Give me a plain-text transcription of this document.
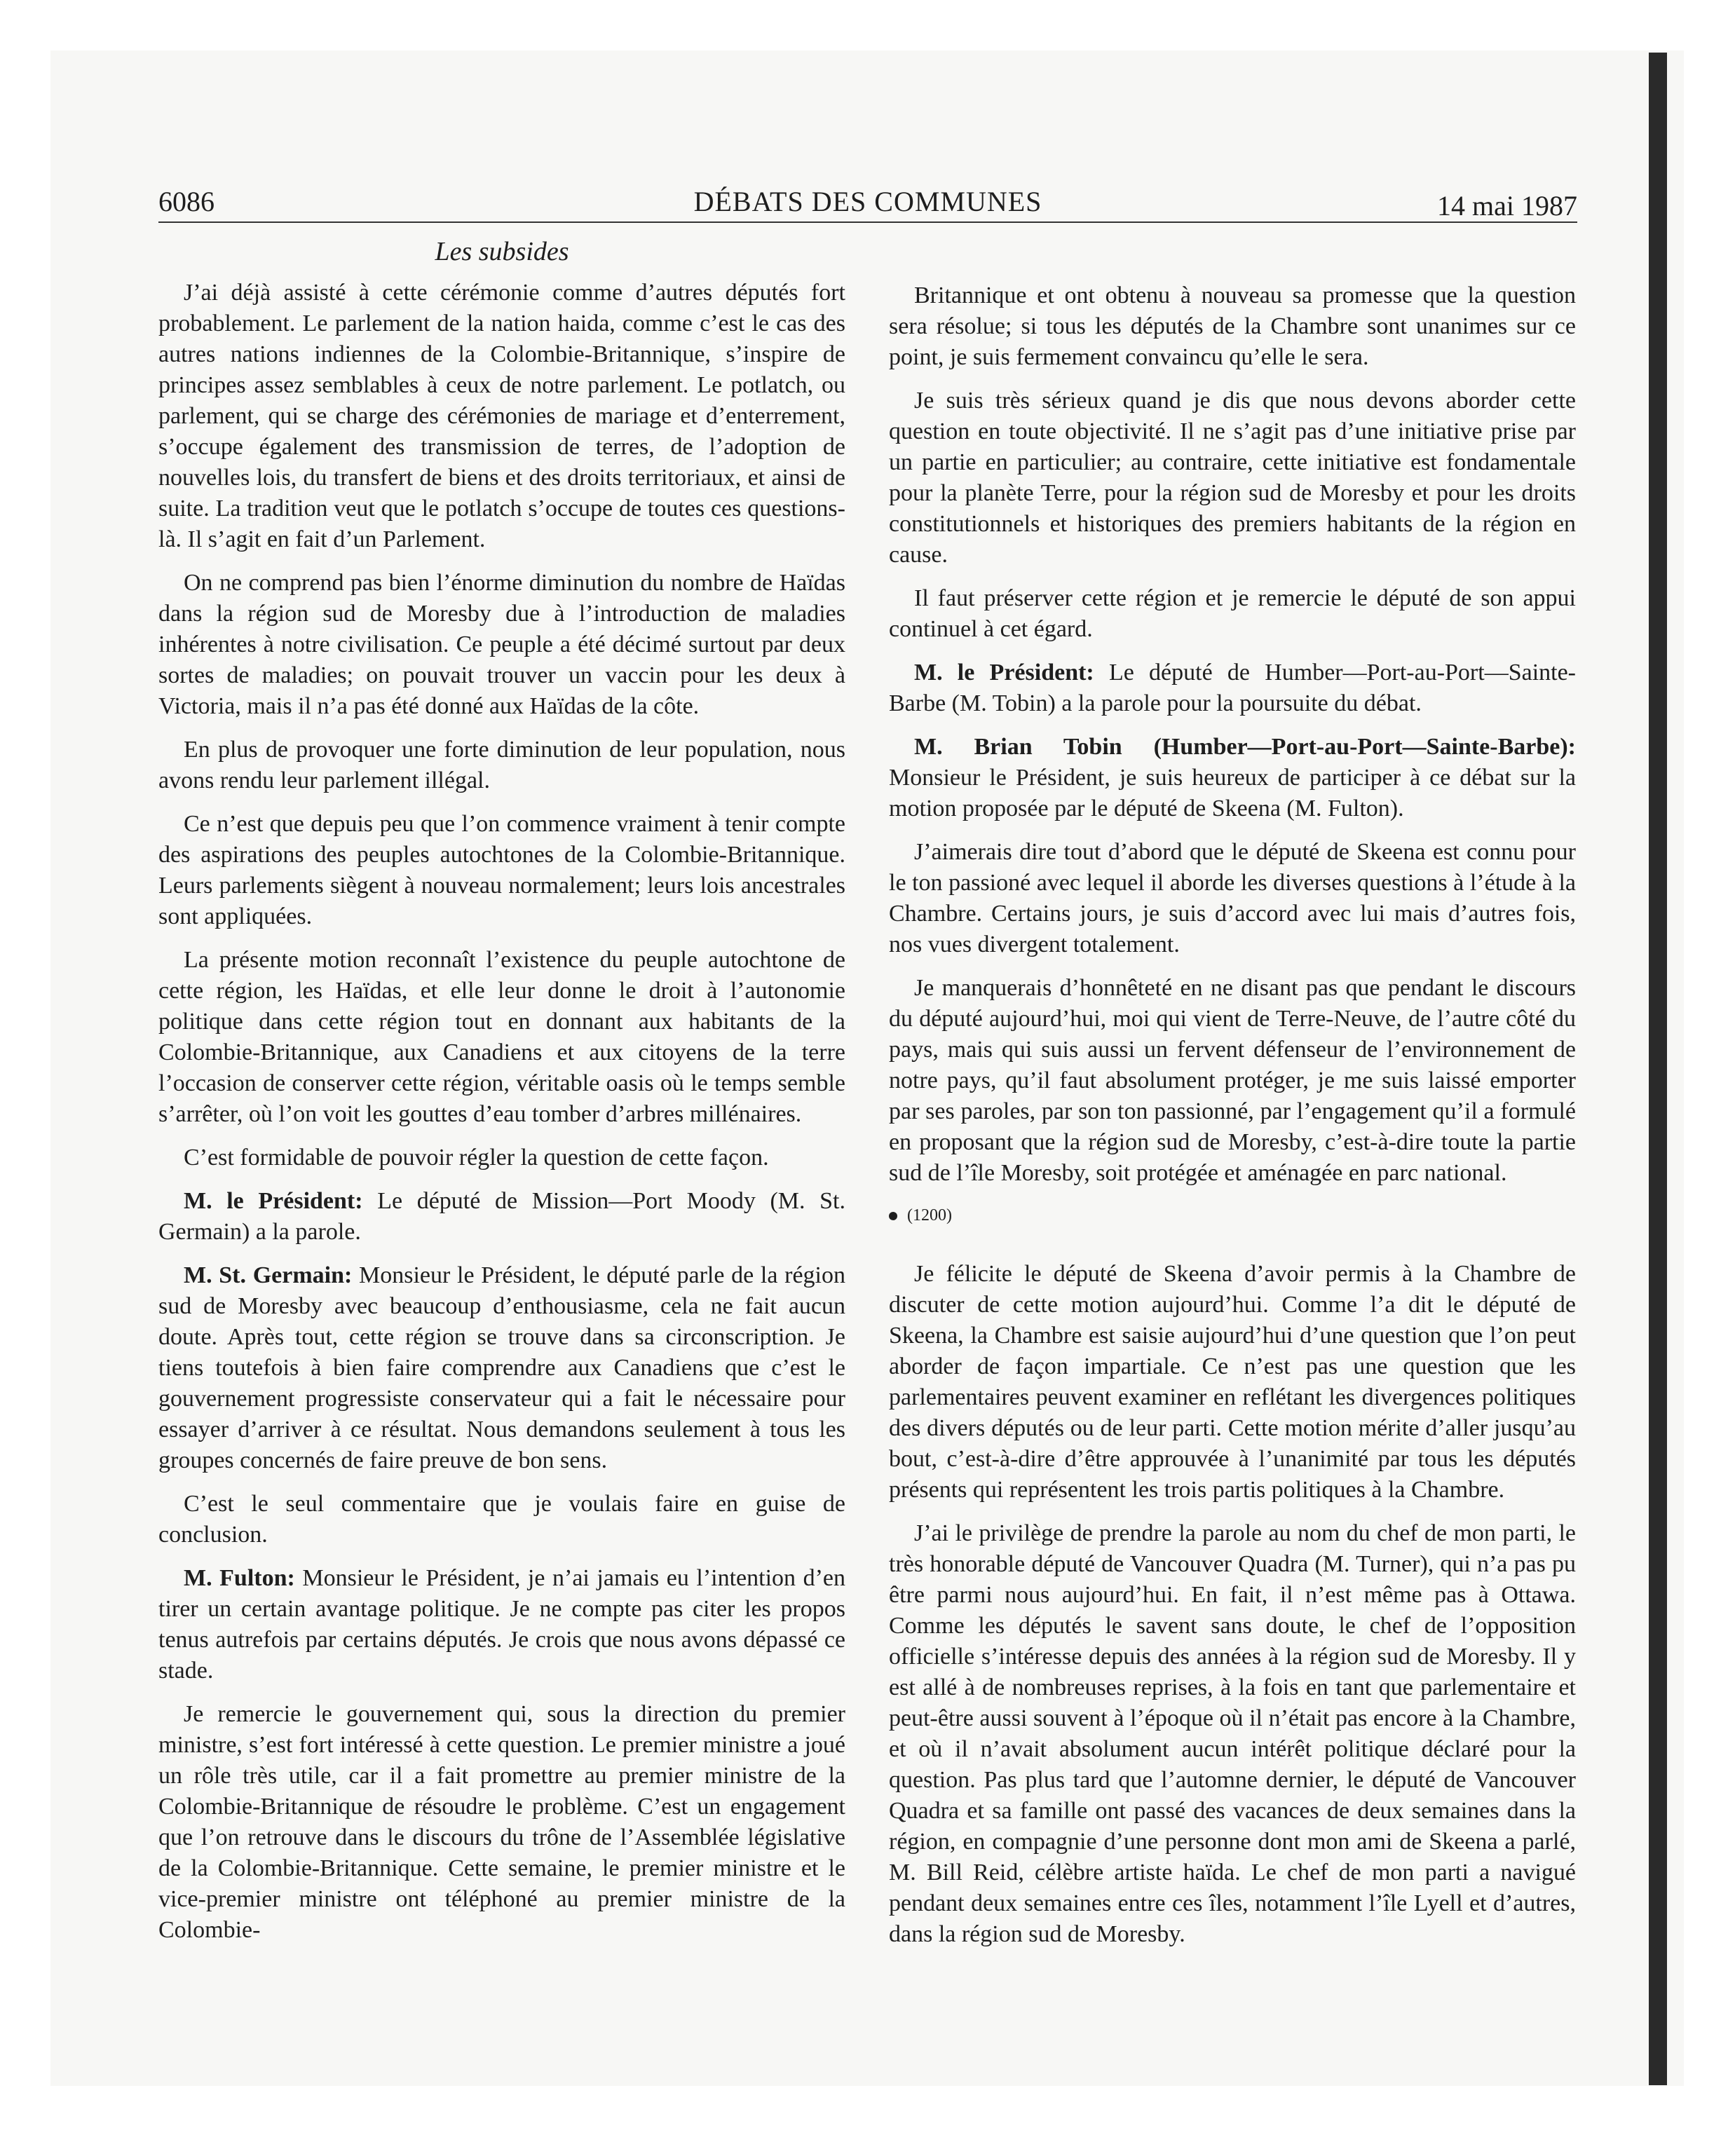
6086	DÉBATS DES COMMUNES	14 mai 1987
Les subsides

J’ai déjà assisté à cette cérémonie comme d’autres députés fort probablement. Le parlement de la nation haida, comme c’est le cas des autres nations indiennes de la Colombie-Britannique, s’inspire de principes assez semblables à ceux de notre parlement. Le potlatch, ou parlement, qui se charge des cérémonies de mariage et d’enterrement, s’occupe également des transmission de terres, de l’adoption de nouvelles lois, du transfert de biens et des droits territoriaux, et ainsi de suite. La tradition veut que le potlatch s’occupe de toutes ces questions-là. Il s’agit en fait d’un Parlement.

On ne comprend pas bien l’énorme diminution du nombre de Haïdas dans la région sud de Moresby due à l’introduction de maladies inhérentes à notre civilisation. Ce peuple a été décimé surtout par deux sortes de maladies; on pouvait trouver un vaccin pour les deux à Victoria, mais il n’a pas été donné aux Haïdas de la côte.

En plus de provoquer une forte diminution de leur population, nous avons rendu leur parlement illégal.

Ce n’est que depuis peu que l’on commence vraiment à tenir compte des aspirations des peuples autochtones de la Colombie-Britannique. Leurs parlements siègent à nouveau normalement; leurs lois ancestrales sont appliquées.

La présente motion reconnaît l’existence du peuple autochtone de cette région, les Haïdas, et elle leur donne le droit à l’autonomie politique dans cette région tout en donnant aux habitants de la Colombie-Britannique, aux Canadiens et aux citoyens de la terre l’occasion de conserver cette région, véritable oasis où le temps semble s’arrêter, où l’on voit les gouttes d’eau tomber d’arbres millénaires.

C’est formidable de pouvoir régler la question de cette façon.

M. le Président: Le député de Mission—Port Moody (M. St. Germain) a la parole.

M. St. Germain: Monsieur le Président, le député parle de la région sud de Moresby avec beaucoup d’enthousiasme, cela ne fait aucun doute. Après tout, cette région se trouve dans sa circonscription. Je tiens toutefois à bien faire comprendre aux Canadiens que c’est le gouvernement progressiste conservateur qui a fait le nécessaire pour essayer d’arriver à ce résultat. Nous demandons seulement à tous les groupes concernés de faire preuve de bon sens.

C’est le seul commentaire que je voulais faire en guise de conclusion.

M. Fulton: Monsieur le Président, je n’ai jamais eu l’intention d’en tirer un certain avantage politique. Je ne compte pas citer les propos tenus autrefois par certains députés. Je crois que nous avons dépassé ce stade.

Je remercie le gouvernement qui, sous la direction du premier ministre, s’est fort intéressé à cette question. Le premier ministre a joué un rôle très utile, car il a fait promettre au premier ministre de la Colombie-Britannique de résoudre le problème. C’est un engagement que l’on retrouve dans le discours du trône de l’Assemblée législative de la Colombie-Britannique. Cette semaine, le premier ministre et le vice-premier ministre ont téléphoné au premier ministre de la Colombie-

Britannique et ont obtenu à nouveau sa promesse que la question sera résolue; si tous les députés de la Chambre sont unanimes sur ce point, je suis fermement convaincu qu’elle le sera.

Je suis très sérieux quand je dis que nous devons aborder cette question en toute objectivité. Il ne s’agit pas d’une initiative prise par un partie en particulier; au contraire, cette initiative est fondamentale pour la planète Terre, pour la région sud de Moresby et pour les droits constitutionnels et historiques des premiers habitants de la région en cause.

Il faut préserver cette région et je remercie le député de son appui continuel à cet égard.

M. le Président: Le député de Humber—Port-au-Port—Sainte-Barbe (M. Tobin) a la parole pour la poursuite du débat.

M. Brian Tobin (Humber—Port-au-Port—Sainte-Barbe): Monsieur le Président, je suis heureux de participer à ce débat sur la motion proposée par le député de Skeena (M. Fulton).

J’aimerais dire tout d’abord que le député de Skeena est connu pour le ton passioné avec lequel il aborde les diverses questions à l’étude à la Chambre. Certains jours, je suis d’accord avec lui mais d’autres fois, nos vues divergent totalement.

Je manquerais d’honnêteté en ne disant pas que pendant le discours du député aujourd’hui, moi qui vient de Terre-Neuve, de l’autre côté du pays, mais qui suis aussi un fervent défenseur de l’environnement de notre pays, qu’il faut absolument protéger, je me suis laissé emporter par ses paroles, par son ton passionné, par l’engagement qu’il a formulé en proposant que la région sud de Moresby, c’est-à-dire toute la partie sud de l’île Moresby, soit protégée et aménagée en parc national.

(1200)

Je félicite le député de Skeena d’avoir permis à la Chambre de discuter de cette motion aujourd’hui. Comme l’a dit le député de Skeena, la Chambre est saisie aujourd’hui d’une question que l’on peut aborder de façon impartiale. Ce n’est pas une question que les parlementaires peuvent examiner en reflétant les divergences politiques des divers députés ou de leur parti. Cette motion mérite d’aller jusqu’au bout, c’est-à-dire d’être approuvée à l’unanimité par tous les députés présents qui représentent les trois partis politiques à la Chambre.

J’ai le privilège de prendre la parole au nom du chef de mon parti, le très honorable député de Vancouver Quadra (M. Turner), qui n’a pas pu être parmi nous aujourd’hui. En fait, il n’est même pas à Ottawa. Comme les députés le savent sans doute, le chef de l’opposition officielle s’intéresse depuis des années à la région sud de Moresby. Il y est allé à de nombreuses reprises, à la fois en tant que parlementaire et peut-être aussi souvent à l’époque où il n’était pas encore à la Chambre, et où il n’avait absolument aucun intérêt politique déclaré pour la question. Pas plus tard que l’automne dernier, le député de Vancouver Quadra et sa famille ont passé des vacances de deux semaines dans la région, en compagnie d’une personne dont mon ami de Skeena a parlé, M. Bill Reid, célèbre artiste haïda. Le chef de mon parti a navigué pendant deux semaines entre ces îles, notamment l’île Lyell et d’autres, dans la région sud de Moresby.
